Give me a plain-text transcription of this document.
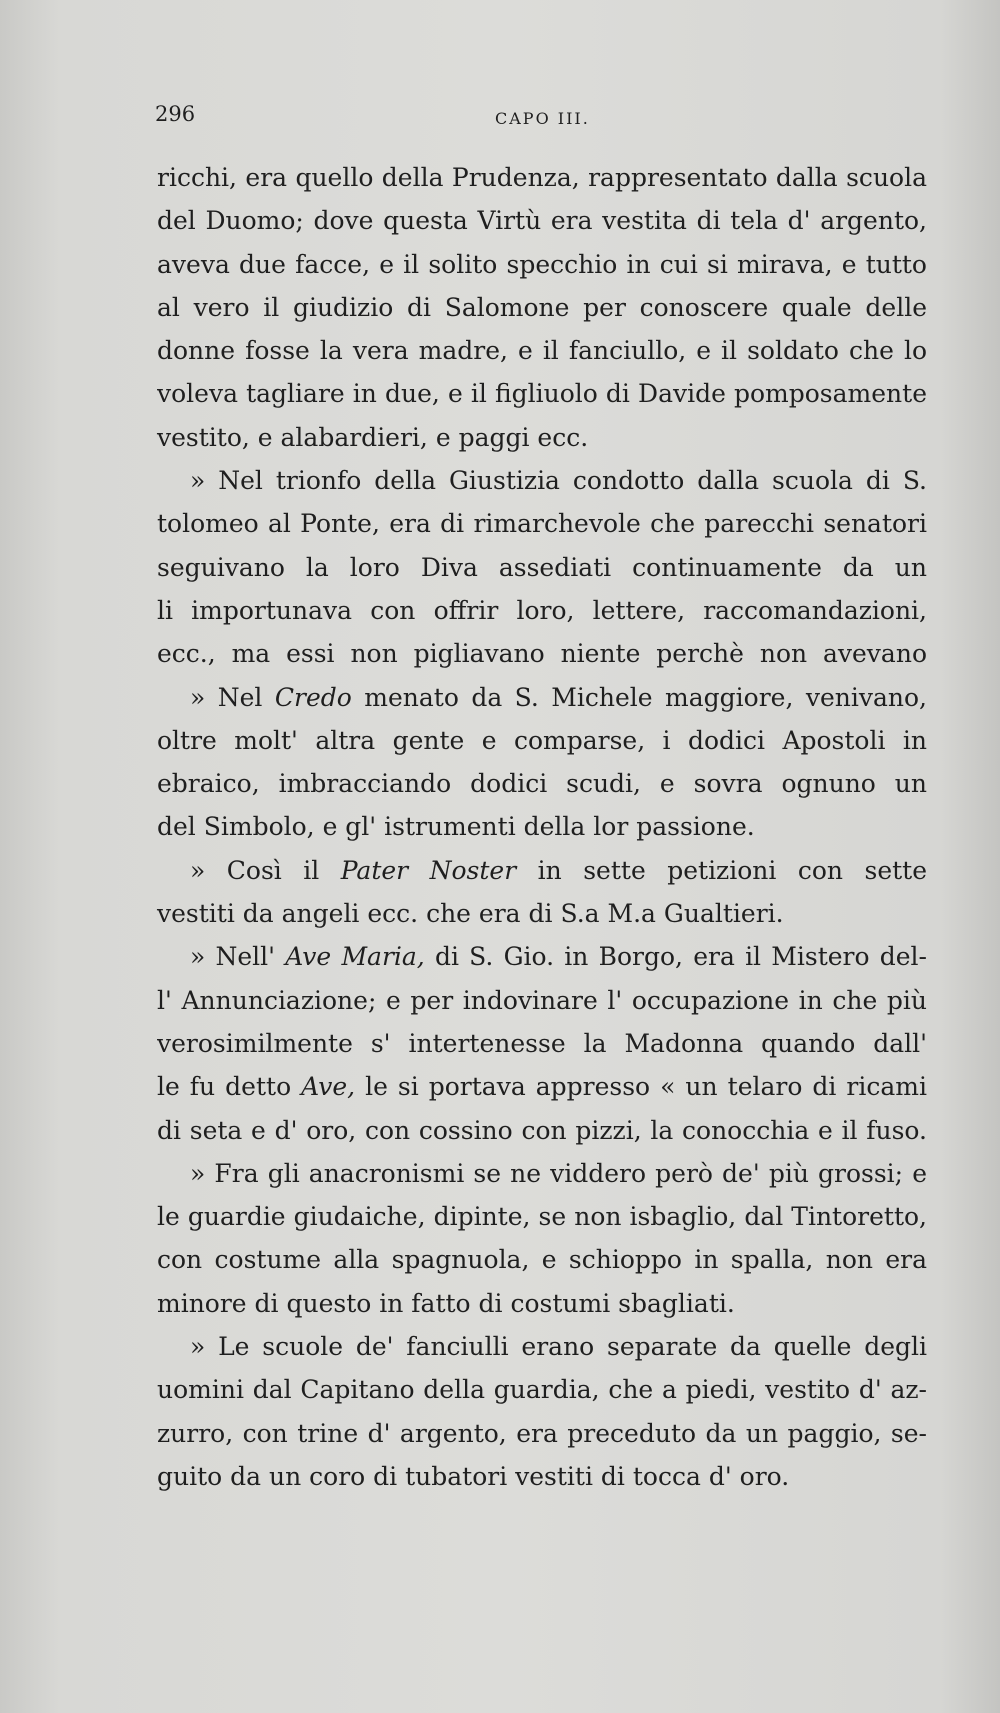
296	CAPO III.
ricchi, era quello della Prudenza, rappresentato dalla scuola
del Duomo; dove questa Virtù era vestita di tela d' argento,
aveva due facce, e il solito specchio in cui si mirava, e tutto
al vero il giudizio di Salomone per conoscere quale delle
donne fosse la vera madre, e il fanciullo, e il soldato che lo
voleva tagliare in due, e il figliuolo di Davide pomposamente
vestito, e alabardieri, e paggi ecc.
» Nel trionfo della Giustizia condotto dalla scuola di S.
tolomeo al Ponte, era di rimarchevole che parecchi senatori
seguivano la loro Diva assediati continuamente da un
li importunava con offrir loro, lettere, raccomandazioni,
ecc., ma essi non pigliavano niente perchè non avevano
» Nel Credo menato da S. Michele maggiore, venivano,
oltre molt' altra gente e comparse, i dodici Apostoli in
ebraico, imbracciando dodici scudi, e sovra ognuno un
del Simbolo, e gl' istrumenti della lor passione.
» Così il Pater Noster in sette petizioni con sette
vestiti da angeli ecc. che era di S.a M.a Gualtieri.
» Nell' Ave Maria, di S. Gio. in Borgo, era il Mistero del-
l' Annunciazione; e per indovinare l' occupazione in che più
verosimilmente s' intertenesse la Madonna quando dall'
le fu detto Ave, le si portava appresso « un telaro di ricami
di seta e d' oro, con cossino con pizzi, la conocchia e il fuso.
» Fra gli anacronismi se ne viddero però de' più grossi; e
le guardie giudaiche, dipinte, se non isbaglio, dal Tintoretto,
con costume alla spagnuola, e schioppo in spalla, non era
minore di questo in fatto di costumi sbagliati.
» Le scuole de' fanciulli erano separate da quelle degli
uomini dal Capitano della guardia, che a piedi, vestito d' az-
zurro, con trine d' argento, era preceduto da un paggio, se-
guito da un coro di tubatori vestiti di tocca d' oro.
